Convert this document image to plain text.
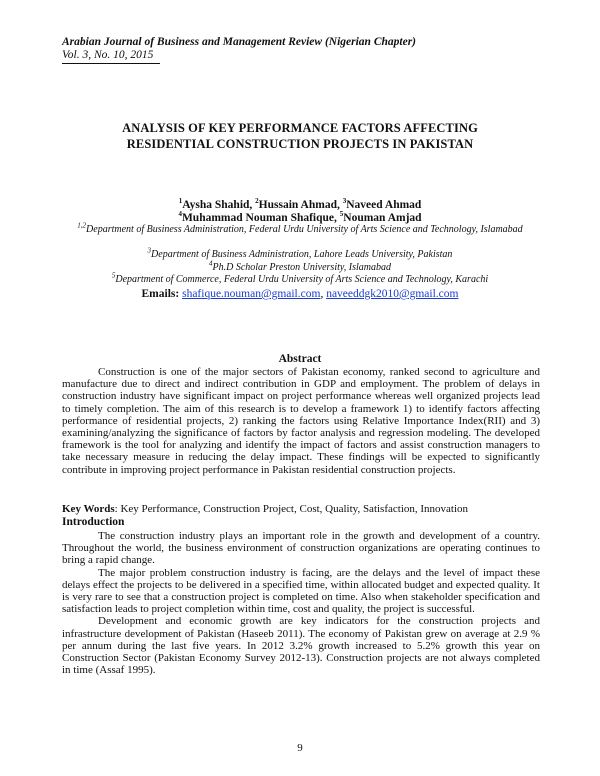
Arabian Journal of Business and Management Review (Nigerian Chapter)
Vol. 3, No. 10, 2015
ANALYSIS OF KEY PERFORMANCE FACTORS AFFECTING
RESIDENTIAL CONSTRUCTION PROJECTS IN PAKISTAN
$^1$Aysha Shahid, $^2$Hussain Ahmad, $^3$Naveed Ahmad
$^4$Muhammad Nouman Shafique, $^5$Nouman Amjad
$^{1,2}$Department of Business Administration, Federal Urdu University of Arts Science and Technology, Islamabad
$^3$Department of Business Administration, Lahore Leads University, Pakistan
$^4$Ph.D Scholar Preston University, Islamabad
$^5$Department of Commerce, Federal Urdu University of Arts Science and Technology, Karachi
Emails: shafique.nouman@gmail.com, naveeddgk2010@gmail.com
Abstract
Construction is one of the major sectors of Pakistan economy, ranked second to agriculture and manufacture due to direct and indirect contribution in GDP and employment. The problem of delays in construction industry have significant impact on project performance whereas well organized projects lead to timely completion. The aim of this research is to develop a framework 1) to identify factors affecting performance of residential projects, 2) ranking the factors using Relative Importance Index(RII) and 3) examining/analyzing the significance of factors by factor analysis and regression modeling. The developed framework is the tool for analyzing and identify the impact of factors and assist construction managers to take necessary measure in reducing the delay impact. These findings will be expected to significantly contribute in improving project performance in Pakistan residential construction projects.
Key Words: Key Performance, Construction Project, Cost, Quality, Satisfaction, Innovation
Introduction

The construction industry plays an important role in the growth and development of a country. Throughout the world, the business environment of construction organizations are operating continues to bring a rapid change.

The major problem construction industry is facing, are the delays and the level of impact these delays effect the projects to be delivered in a specified time, within allocated budget and expected quality. It is very rare to see that a construction project is completed on time. Also when stakeholder specification and satisfaction leads to project completion within time, cost and quality, the project is successful.

Development and economic growth are key indicators for the construction projects and infrastructure development of Pakistan (Haseeb 2011). The economy of Pakistan grew on average at 2.9 % per annum during the last five years. In 2012 3.2% growth increased to 5.2% growth this year on Construction Sector (Pakistan Economy Survey 2012-13). Construction projects are not always completed in time (Assaf 1995).

9
